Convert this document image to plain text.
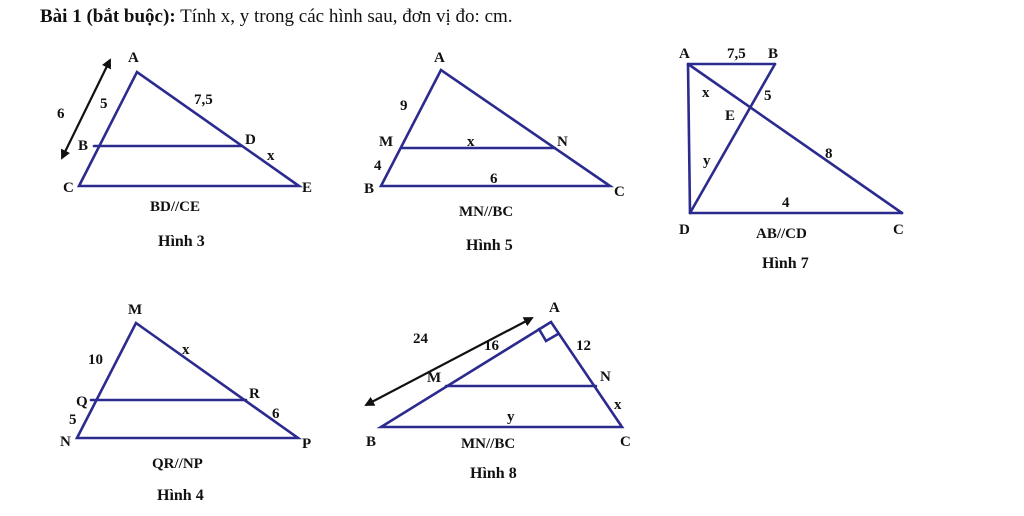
Bài 1 (bắt buộc): Tính x, y trong các hình sau, đơn vị đo: cm.
A
B
C
D
E
6
5	7,5
x
BD//CE
Hình 3
A
M	N
B	C
9
x
4
6
MN//BC
Hình 5
A	B
E
D	C
7,5
x	5
y	8
4
AB//CD
Hình 7
M
Q
N
R
P
10
x
5	6
QR//NP
Hình 4
A
M	N
B	C
24	16	12
y
x
MN//BC
Hình 8
